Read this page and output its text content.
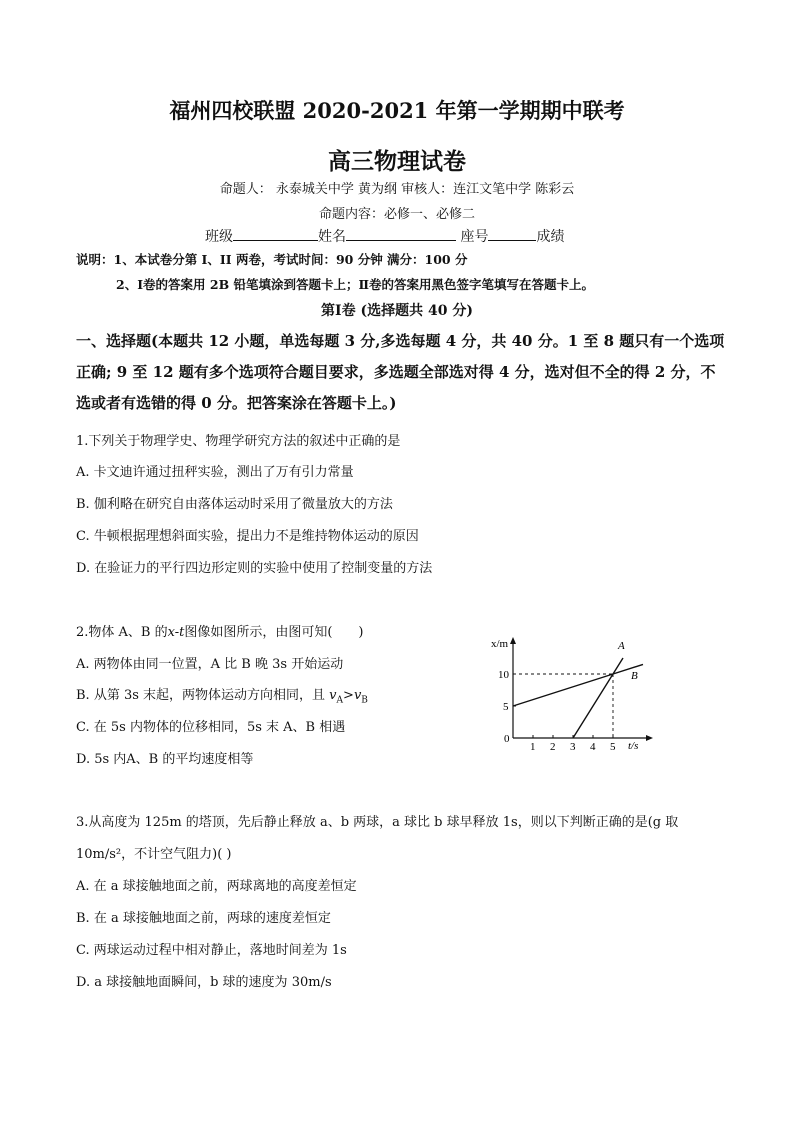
福州四校联盟 2020-2021 年第一学期期中联考
高三物理试卷
命题人： 永泰城关中学 黄为纲 审核人：连江文笔中学 陈彩云
命题内容：必修一、必修二
班级	姓名	座号	成绩
说明：1、本试卷分第 I、II 两卷，考试时间：90 分钟 满分：100 分
2、Ⅰ卷的答案用 2B 铅笔填涂到答题卡上；Ⅱ卷的答案用黑色签字笔填写在答题卡上。
第Ⅰ卷 (选择题共 40 分)
一、选择题(本题共 12 小题，单选每题 3 分,多选每题 4 分，共 40 分。1 至 8 题只有一个选项
正确; 9 至 12 题有多个选项符合题目要求，多选题全部选对得 4 分，选对但不全的得 2 分，不
选或者有选错的得 0 分。把答案涂在答题卡上。)
1.下列关于物理学史、物理学研究方法的叙述中正确的是
A. 卡文迪许通过扭秤实验，测出了万有引力常量
B. 伽利略在研究自由落体运动时采用了微量放大的方法
C. 牛顿根据理想斜面实验，提出力不是维持物体运动的原因
D. 在验证力的平行四边形定则的实验中使用了控制变量的方法
2.物体 A、B 的x-t图像如图所示，由图可知(　　)
A. 两物体由同一位置，A 比 B 晚 3s 开始运动
B. 从第 3s 末起，两物体运动方向相同，且 $v_A>v_B$
C. 在 5s 内物体的位移相同，5s 末 A、B 相遇
D. 5s 内A、B 的平均速度相等
1 2 3 4 5
5
10
x/m
t/s
0
A
B
3.从高度为 125m 的塔顶，先后静止释放 a、b 两球，a 球比 b 球早释放 1s，则以下判断正确的是(g 取
10m/s²，不计空气阻力)( )
A. 在 a 球接触地面之前，两球离地的高度差恒定
B. 在 a 球接触地面之前，两球的速度差恒定
C. 两球运动过程中相对静止，落地时间差为 1s
D. a 球接触地面瞬间，b 球的速度为 30m/s
